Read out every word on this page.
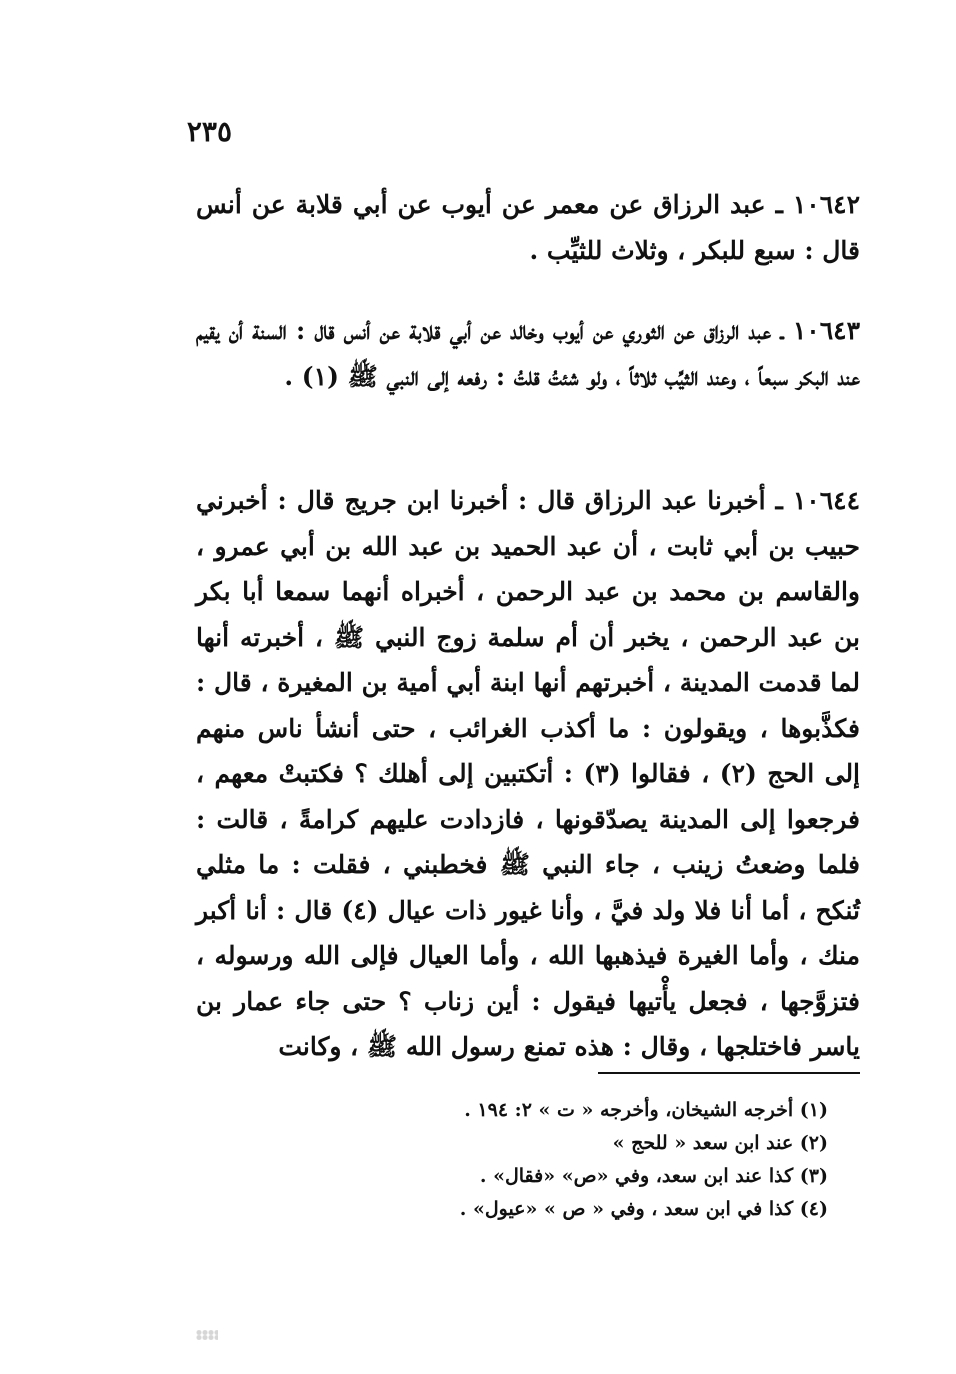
٢٣٥

١٠٦٤٢ ـ عبد الرزاق عن معمر عن أيوب عن أبي قلابة عن أنس قال : سبع للبكر ، وثلاث للثيِّب .

١٠٦٤٣ ـ عبد الرزاق عن الثوري عن أيوب وخالد عن أبي قلابة عن أنس قال : السنة أن يقيم عند البكر سبعاً ، وعند الثيِّب ثلاثاً ، ولو شئتُ قلتُ : رفعه إلى النبي ﷺ (١) .

١٠٦٤٤ ـ أخبرنا عبد الرزاق قال : أخبرنا ابن جريج قال : أخبرني حبيب بن أبي ثابت ، أن عبد الحميد بن عبد الله بن أبي عمرو ، والقاسم بن محمد بن عبد الرحمن ، أخبراه أنهما سمعا أبا بكر بن عبد الرحمن ، يخبر أن أم سلمة زوج النبي ﷺ ، أخبرته أنها لما قدمت المدينة ، أخبرتهم أنها ابنة أبي أمية بن المغيرة ، قال : فكذَّبوها ، ويقولون : ما أكذب الغرائب ، حتى أنشأ ناس منهم إلى الحج (٢) ، فقالوا (٣) : أتكتبين إلى أهلك ؟ فكتبتْ معهم ، فرجعوا إلى المدينة يصدّقونها ، فازدادت عليهم كرامةً ، قالت : فلما وضعتُ زينب ، جاء النبي ﷺ فخطبني ، فقلت : ما مثلي تُنكح ، أما أنا فلا ولد فيَّ ، وأنا غيور ذات عيال (٤) قال : أنا أكبر منك ، وأما الغيرة فيذهبها الله ، وأما العيال فإلى الله ورسوله ، فتزوَّجها ، فجعل يأْتيها فيقول : أين زناب ؟ حتى جاء عمار بن ياسر فاختلجها ، وقال : هذه تمنع رسول الله ﷺ ، وكانت

(١) أخرجه الشيخان، وأخرجه « ت » ٢: ١٩٤ .
(٢) عند ابن سعد « للحج »
(٣) كذا عند ابن سعد، وفي «ص» «فقال» .
(٤) كذا في ابن سعد ، وفي « ص » «عيول» .
